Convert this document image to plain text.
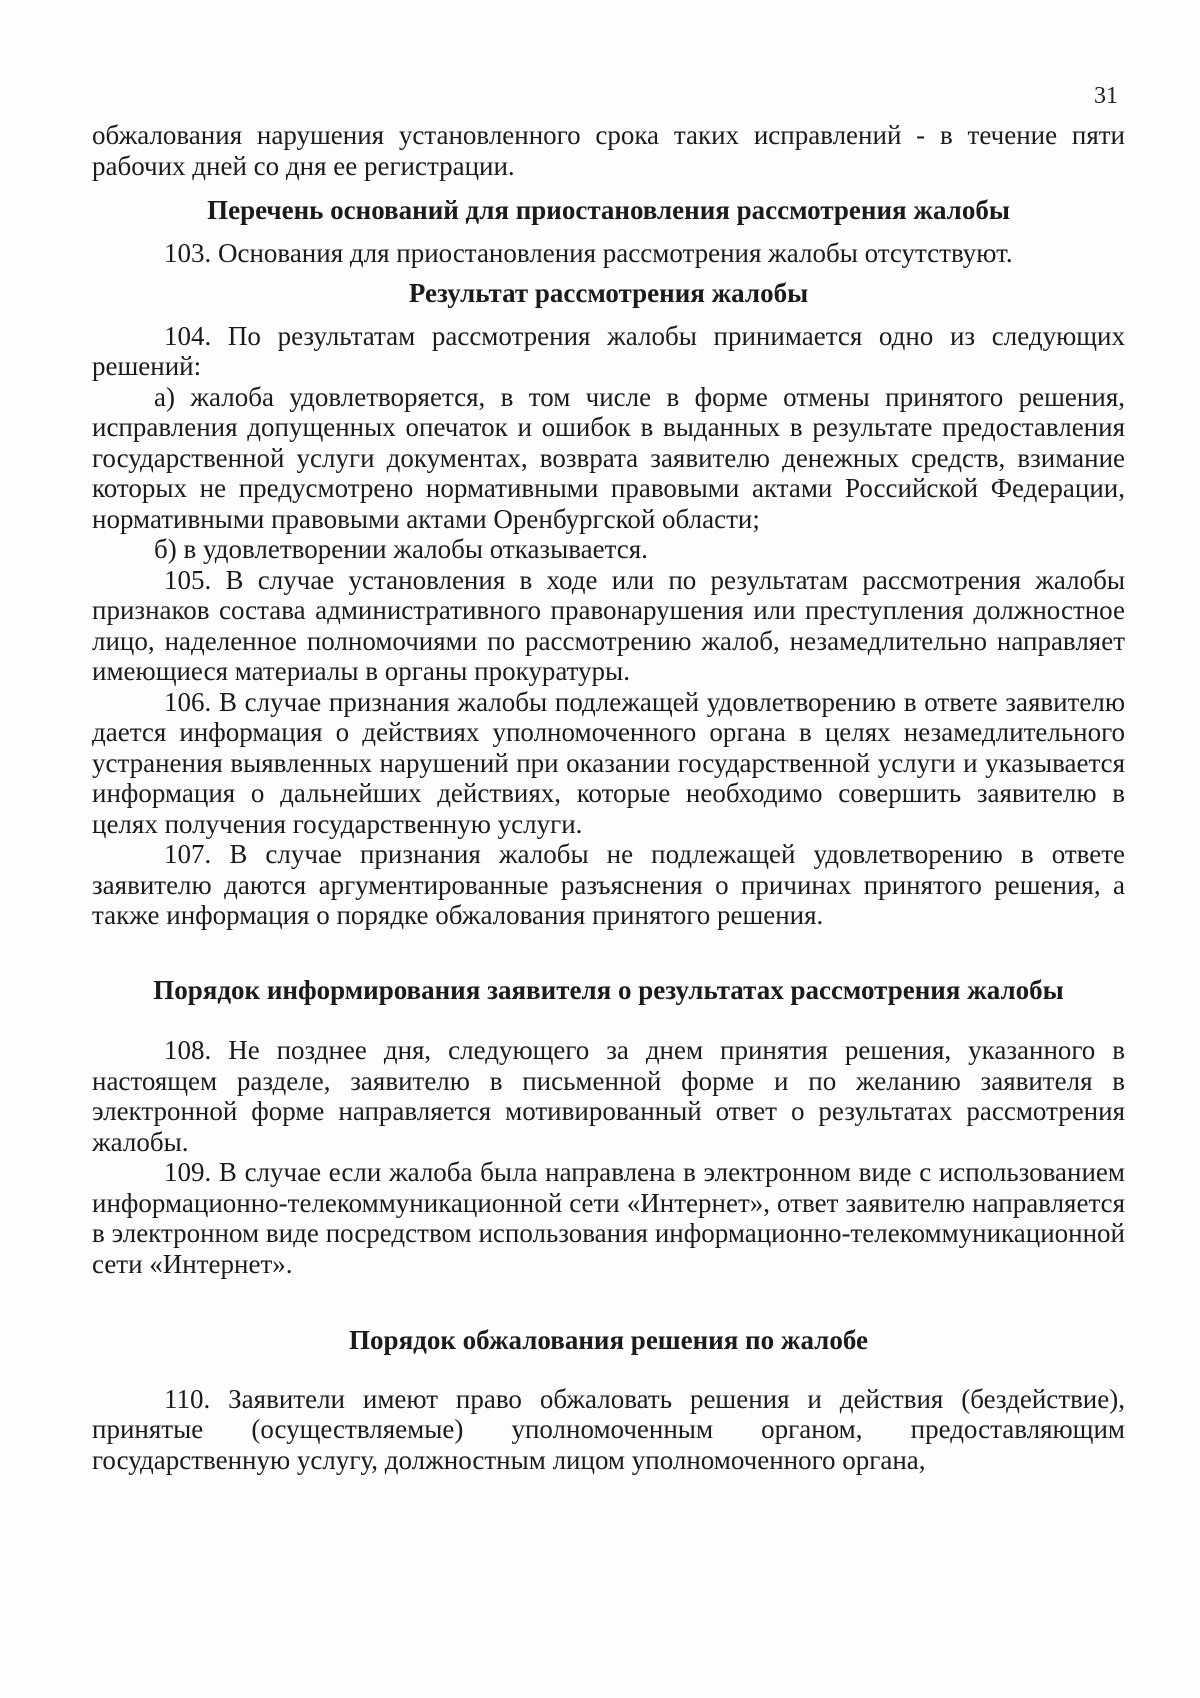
31

обжалования нарушения установленного срока таких исправлений - в течение пяти рабочих дней со дня ее регистрации.

Перечень оснований для приостановления рассмотрения жалобы

103. Основания для приостановления рассмотрения жалобы отсутствуют.

Результат рассмотрения жалобы

104. По результатам рассмотрения жалобы принимается одно из следующих решений:

а) жалоба удовлетворяется, в том числе в форме отмены принятого решения, исправления допущенных опечаток и ошибок в выданных в результате предоставления государственной услуги документах, возврата заявителю денежных средств, взимание которых не предусмотрено нормативными правовыми актами Российской Федерации, нормативными правовыми актами Оренбургской области;

б) в удовлетворении жалобы отказывается.

105. В случае установления в ходе или по результатам рассмотрения жалобы признаков состава административного правонарушения или преступления должностное лицо, наделенное полномочиями по рассмотрению жалоб, незамедлительно направляет имеющиеся материалы в органы прокуратуры.

106. В случае признания жалобы подлежащей удовлетворению в ответе заявителю дается информация о действиях уполномоченного органа в целях незамедлительного устранения выявленных нарушений при оказании государственной услуги и указывается информация о дальнейших действиях, которые необходимо совершить заявителю в целях получения государственную услуги.

107. В случае признания жалобы не подлежащей удовлетворению в ответе заявителю даются аргументированные разъяснения о причинах принятого решения, а также информация о порядке обжалования принятого решения.

Порядок информирования заявителя о результатах рассмотрения жалобы

108. Не позднее дня, следующего за днем принятия решения, указанного в настоящем разделе, заявителю в письменной форме и по желанию заявителя в электронной форме направляется мотивированный ответ о результатах рассмотрения жалобы.

109. В случае если жалоба была направлена в электронном виде с использованием информационно-телекоммуникационной сети «Интернет», ответ заявителю направляется в электронном виде посредством использования информационно-телекоммуникационной сети «Интернет».

Порядок обжалования решения по жалобе

110. Заявители имеют право обжаловать решения и действия (бездействие), принятые (осуществляемые) уполномоченным органом, предоставляющим государственную услугу, должностным лицом уполномоченного органа,
